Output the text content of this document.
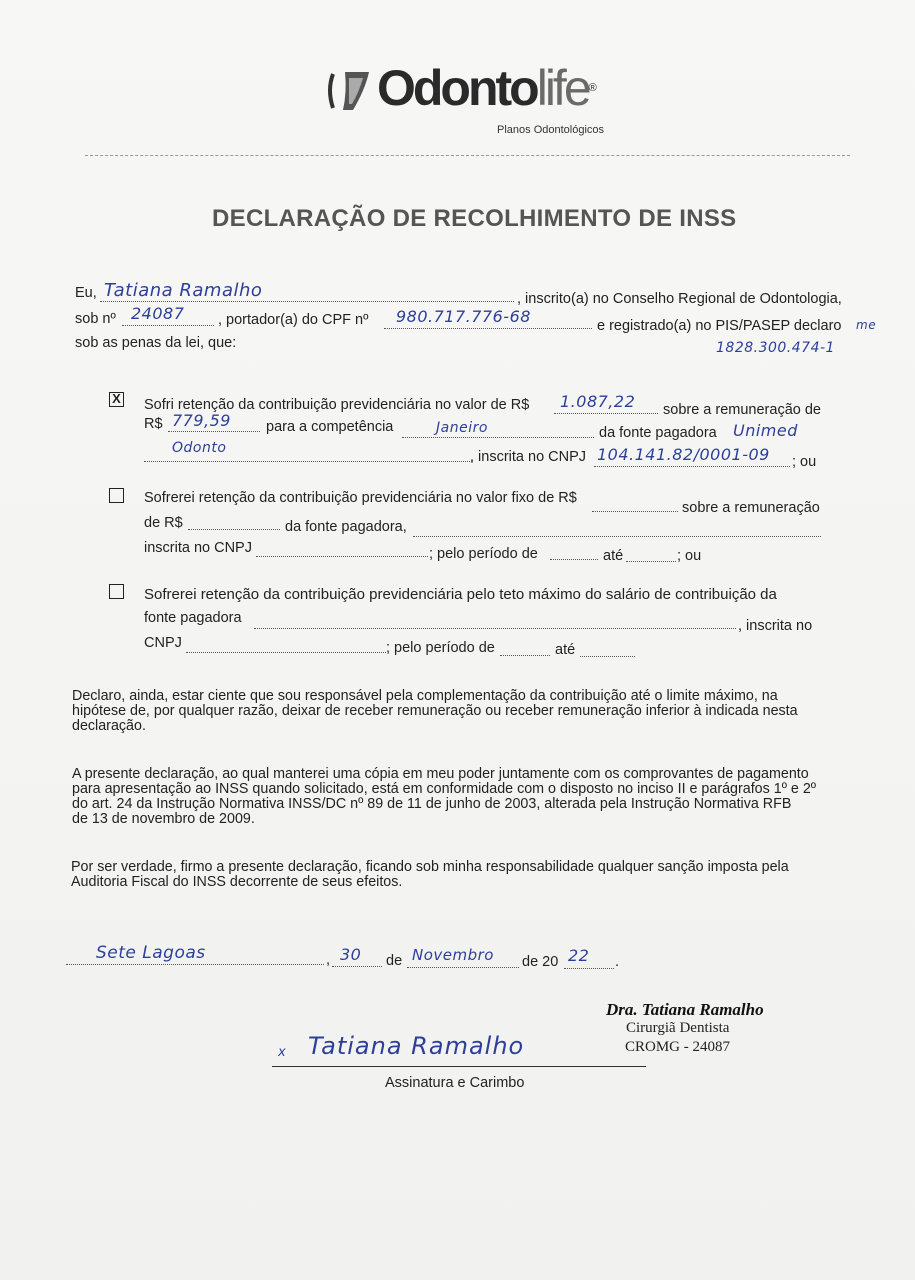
Odontolife®
Planos Odontológicos
DECLARAÇÃO DE RECOLHIMENTO DE INSS
Eu, Tatiana Ramalho	, inscrito(a) no Conselho Regional de Odontologia,
sob nº 24087 , portador(a) do CPF nº 980.717.776-68	e registrado(a) no PIS/PASEP declaro me
1828.300.474-1
sob as penas da lei, que:
X Sofri retenção da contribuição previdenciária no valor de R$ 1.087,22 sobre a remuneração de
R$ 779,59 para a competência	Janeiro	da fonte pagadora Unimed
Odonto
, inscrita no CNPJ 104.141.82/0001-09 ; ou
Sofrerei retenção da contribuição previdenciária no valor fixo de R$
sobre a remuneração
de R$	da fonte pagadora,
inscrita no CNPJ	; pelo período de	até	; ou
Sofrerei retenção da contribuição previdenciária pelo teto máximo do salário de contribuição da
fonte pagadora	, inscrita no
CNPJ	; pelo período de	até
Declaro, ainda, estar ciente que sou responsável pela complementação da contribuição até o limite máximo, na
hipótese de, por qualquer razão, deixar de receber remuneração ou receber remuneração inferior à indicada nesta
declaração.
A presente declaração, ao qual manterei uma cópia em meu poder juntamente com os comprovantes de pagamento
para apresentação ao INSS quando solicitado, está em conformidade com o disposto no inciso II e parágrafos 1º e 2º
do art. 24 da Instrução Normativa INSS/DC nº 89 de 11 de junho de 2003, alterada pela Instrução Normativa RFB
de 13 de novembro de 2009.
Por ser verdade, firmo a presente declaração, ficando sob minha responsabilidade qualquer sanção imposta pela
Auditoria Fiscal do INSS decorrente de seus efeitos.
Sete Lagoas	, 30 de Novembro de 20 22 .
Dra. Tatiana Ramalho
Cirurgiã Dentista
CROMG - 24087
x Tatiana Ramalho
Assinatura e Carimbo
